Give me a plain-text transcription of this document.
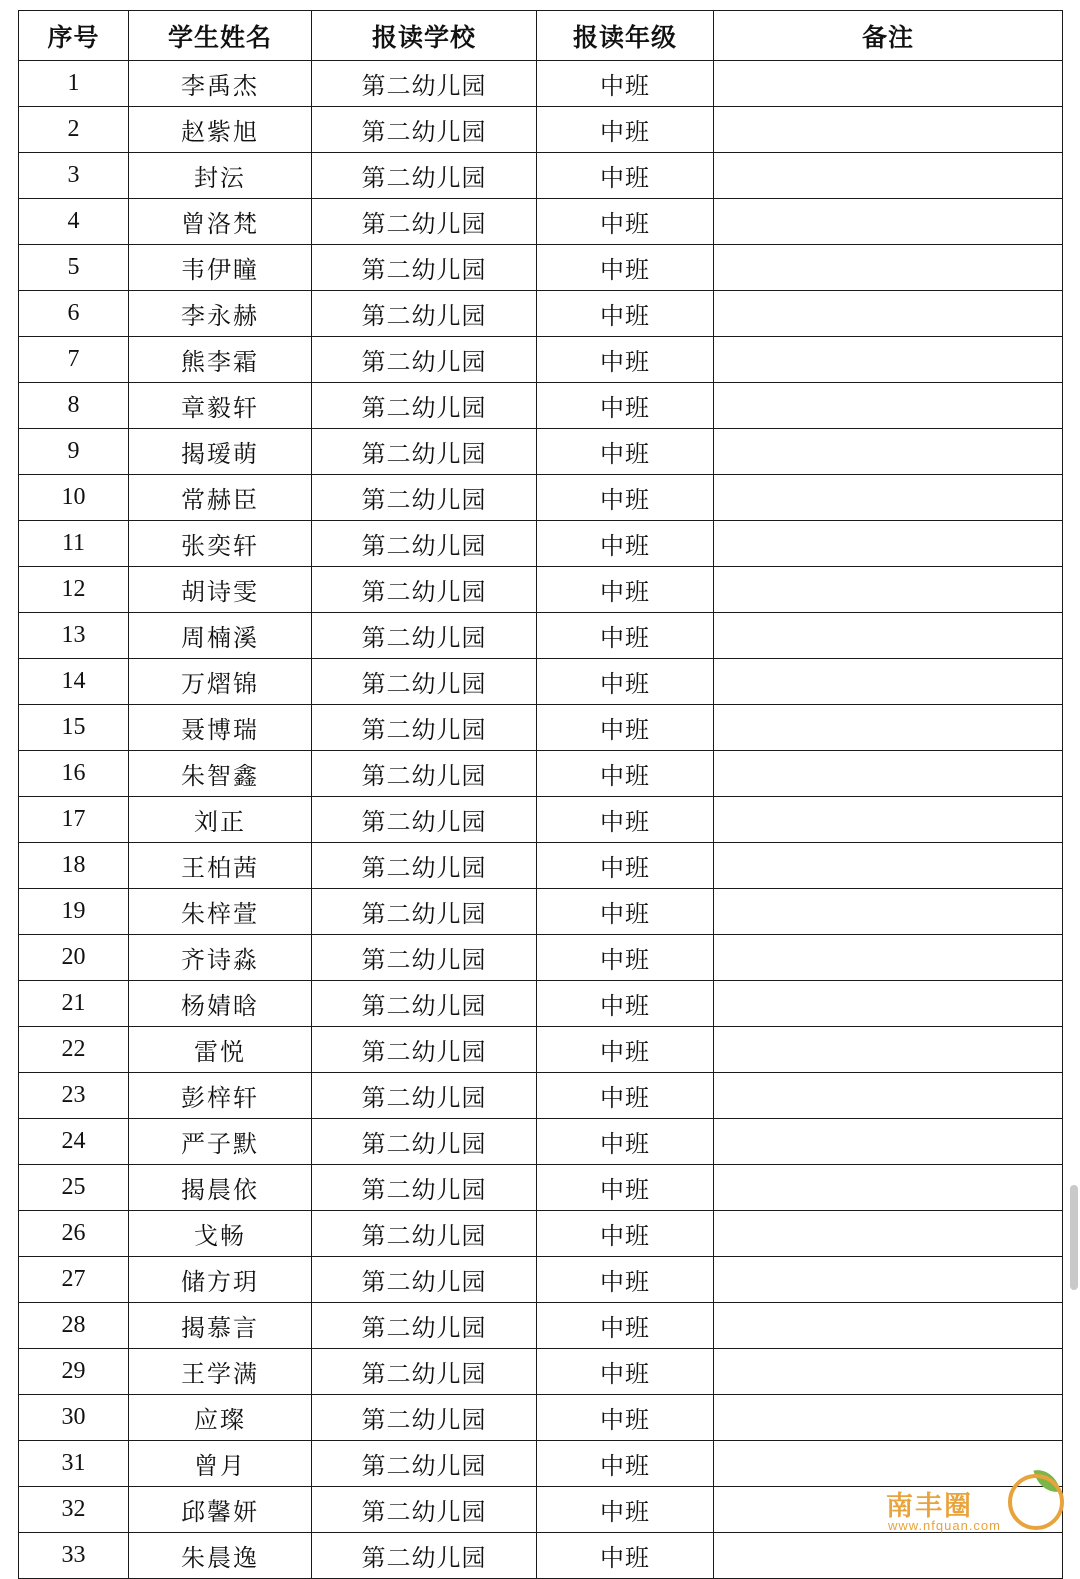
序号	学生姓名	报读学校	报读年级	备注
1	李禹杰	第二幼儿园	中班	
2	赵紫旭	第二幼儿园	中班	
3	封沄	第二幼儿园	中班	
4	曾洛梵	第二幼儿园	中班	
5	韦伊瞳	第二幼儿园	中班	
6	李永赫	第二幼儿园	中班	
7	熊李霜	第二幼儿园	中班	
8	章毅轩	第二幼儿园	中班	
9	揭瑷萌	第二幼儿园	中班	
10	常赫臣	第二幼儿园	中班	
11	张奕轩	第二幼儿园	中班	
12	胡诗雯	第二幼儿园	中班	
13	周楠溪	第二幼儿园	中班	
14	万熠锦	第二幼儿园	中班	
15	聂博瑞	第二幼儿园	中班	
16	朱智鑫	第二幼儿园	中班	
17	刘正	第二幼儿园	中班	
18	王柏茜	第二幼儿园	中班	
19	朱梓萱	第二幼儿园	中班	
20	齐诗淼	第二幼儿园	中班	
21	杨婧晗	第二幼儿园	中班	
22	雷悦	第二幼儿园	中班	
23	彭梓轩	第二幼儿园	中班	
24	严子默	第二幼儿园	中班	
25	揭晨依	第二幼儿园	中班	
26	戈畅	第二幼儿园	中班	
27	储方玥	第二幼儿园	中班	
28	揭慕言	第二幼儿园	中班	
29	王学满	第二幼儿园	中班	
30	应璨	第二幼儿园	中班	
31	曾月	第二幼儿园	中班	
32	邱馨妍	第二幼儿园	中班	
33	朱晨逸	第二幼儿园	中班	
南丰圈
www.nfquan.com
